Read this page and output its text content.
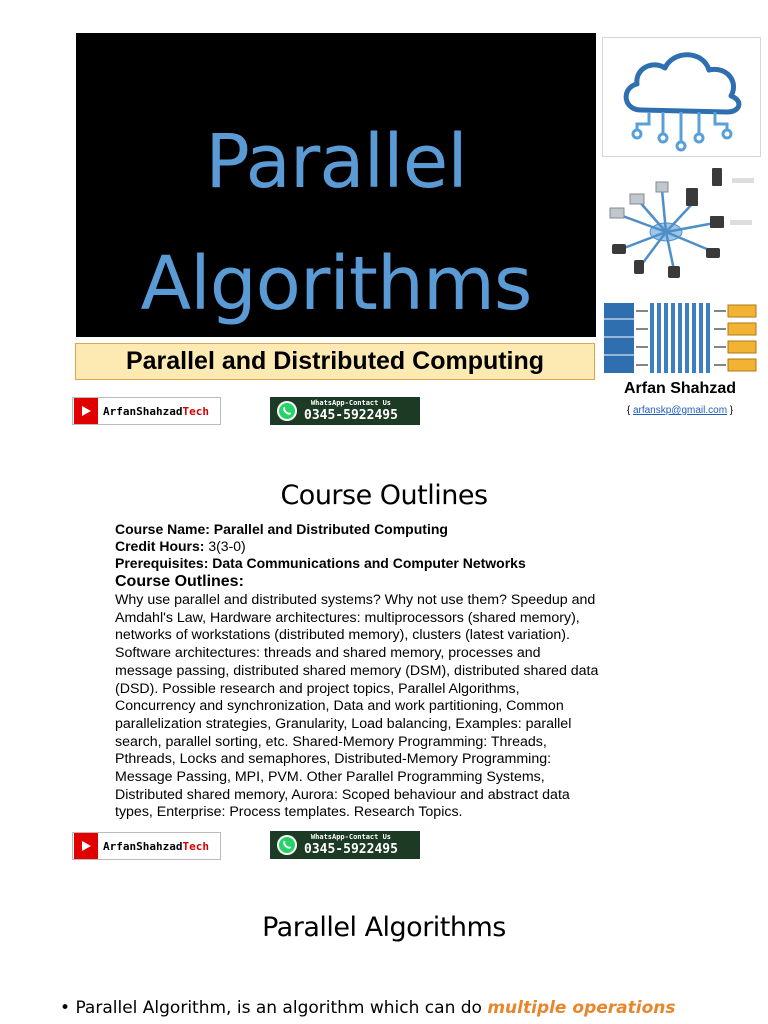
Parallel
Algorithms
Parallel and Distributed Computing
Arfan Shahzad
{ arfanskp@gmail.com }
ArfanShahzadTech
WhatsApp-Contact Us
0345-5922495
Course Outlines
Course Name: Parallel and Distributed Computing
Credit Hours: 3(3-0)
Prerequisites: Data Communications and Computer Networks
Course Outlines:
Why use parallel and distributed systems? Why not use them? Speedup and
Amdahl's Law, Hardware architectures: multiprocessors (shared memory),
networks of workstations (distributed memory), clusters (latest variation).
Software architectures: threads and shared memory, processes and
message passing, distributed shared memory (DSM), distributed shared data
(DSD). Possible research and project topics, Parallel Algorithms,
Concurrency and synchronization, Data and work partitioning, Common
parallelization strategies, Granularity, Load balancing, Examples: parallel
search, parallel sorting, etc. Shared-Memory Programming: Threads,
Pthreads, Locks and semaphores, Distributed-Memory Programming:
Message Passing, MPI, PVM. Other Parallel Programming Systems,
Distributed shared memory, Aurora: Scoped behaviour and abstract data
types, Enterprise: Process templates. Research Topics.
ArfanShahzadTech
WhatsApp-Contact Us
0345-5922495
Parallel Algorithms
• Parallel Algorithm, is an algorithm which can do multiple operations
